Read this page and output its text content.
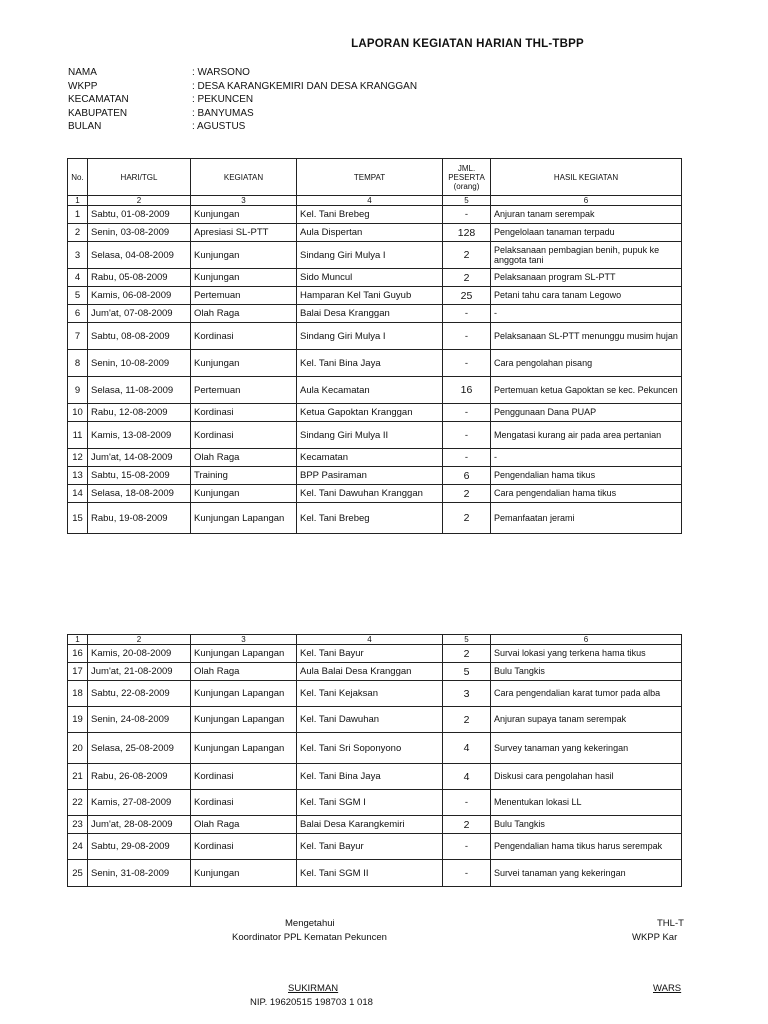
LAPORAN KEGIATAN HARIAN THL-TBPP
NAMA	: WARSONO
WKPP	: DESA KARANGKEMIRI DAN DESA KRANGGAN
KECAMATAN	: PEKUNCEN
KABUPATEN	: BANYUMAS
BULAN	: AGUSTUS
No.	HARI/TGL	KEGIATAN	TEMPAT	JML.
PESERTA
(orang)	HASIL KEGIATAN
1	2	3	4	5	6
1	Sabtu, 01-08-2009	Kunjungan	Kel. Tani Brebeg	-	Anjuran tanam serempak
2	Senin, 03-08-2009	Apresiasi SL-PTT	Aula Dispertan	128	Pengelolaan tanaman terpadu
3	Selasa, 04-08-2009	Kunjungan	Sindang Giri Mulya I	2	Pelaksanaan pembagian benih, pupuk ke anggota tani
4	Rabu, 05-08-2009	Kunjungan	Sido Muncul	2	Pelaksanaan program SL-PTT
5	Kamis, 06-08-2009	Pertemuan	Hamparan Kel Tani Guyub	25	Petani tahu cara tanam Legowo
6	Jum'at, 07-08-2009	Olah Raga	Balai Desa Kranggan	-	-
7	Sabtu, 08-08-2009	Kordinasi	Sindang Giri Mulya I	-	Pelaksanaan SL-PTT menunggu musim hujan
8	Senin, 10-08-2009	Kunjungan	Kel. Tani Bina Jaya	-	Cara pengolahan pisang
9	Selasa, 11-08-2009	Pertemuan	Aula Kecamatan	16	Pertemuan ketua Gapoktan se kec. Pekuncen
10	Rabu, 12-08-2009	Kordinasi	Ketua Gapoktan Kranggan	-	Penggunaan Dana PUAP
11	Kamis, 13-08-2009	Kordinasi	Sindang Giri Mulya II	-	Mengatasi kurang air pada area pertanian
12	Jum'at, 14-08-2009	Olah Raga	Kecamatan	-	-
13	Sabtu, 15-08-2009	Training	BPP Pasiraman	6	Pengendalian hama tikus
14	Selasa, 18-08-2009	Kunjungan	Kel. Tani Dawuhan Kranggan	2	Cara pengendalian hama tikus
15	Rabu, 19-08-2009	Kunjungan Lapangan	Kel. Tani Brebeg	2	Pemanfaatan jerami
1	2	3	4	5	6
16	Kamis, 20-08-2009	Kunjungan Lapangan	Kel. Tani Bayur	2	Survai lokasi yang terkena hama tikus
17	Jum'at, 21-08-2009	Olah Raga	Aula Balai Desa Kranggan	5	Bulu Tangkis
18	Sabtu, 22-08-2009	Kunjungan Lapangan	Kel. Tani Kejaksan	3	Cara pengendalian karat tumor pada alba
19	Senin, 24-08-2009	Kunjungan Lapangan	Kel. Tani Dawuhan	2	Anjuran supaya tanam serempak
20	Selasa, 25-08-2009	Kunjungan Lapangan	Kel. Tani Sri Soponyono	4	Survey tanaman yang kekeringan
21	Rabu, 26-08-2009	Kordinasi	Kel. Tani Bina Jaya	4	Diskusi cara pengolahan hasil
22	Kamis, 27-08-2009	Kordinasi	Kel. Tani SGM I	-	Menentukan lokasi LL
23	Jum'at, 28-08-2009	Olah Raga	Balai Desa Karangkemiri	2	Bulu Tangkis
24	Sabtu, 29-08-2009	Kordinasi	Kel. Tani Bayur	-	Pengendalian hama tikus harus serempak
25	Senin, 31-08-2009	Kunjungan	Kel. Tani SGM II	-	Survei tanaman yang kekeringan
Mengetahui
Koordinator PPL Kematan Pekuncen
SUKIRMAN
NIP. 19620515 198703 1 018
THL-T
WKPP Kar
WARS
